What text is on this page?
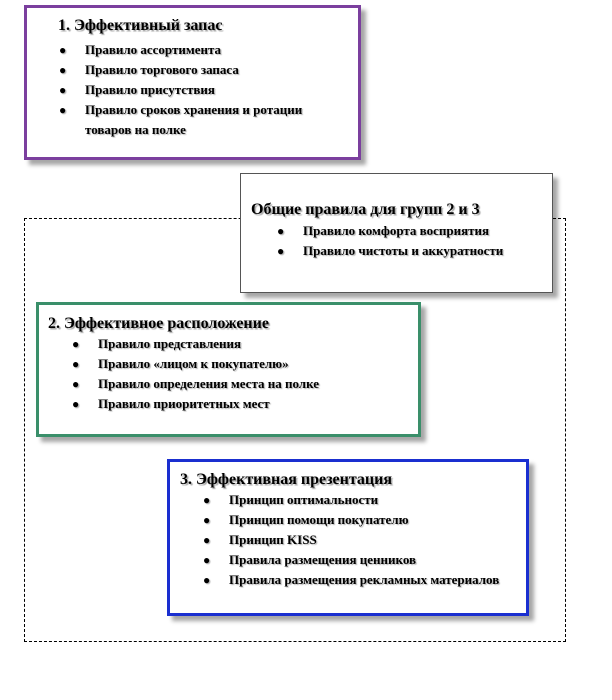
1. Эффективный запас
● Правило ассортимента
● Правило торгового запаса
● Правило присутствия
● Правило сроков хранения и ротации товаров на полке
Общие правила для групп 2 и 3
● Правило комфорта восприятия
● Правило чистоты и аккуратности
2. Эффективное расположение
● Правило представления
● Правило «лицом к покупателю»
● Правило определения места на полке
● Правило приоритетных мест
3. Эффективная презентация
● Принцип оптимальности
● Принцип помощи покупателю
● Принцип KISS
● Правила размещения ценников
● Правила размещения рекламных материалов
